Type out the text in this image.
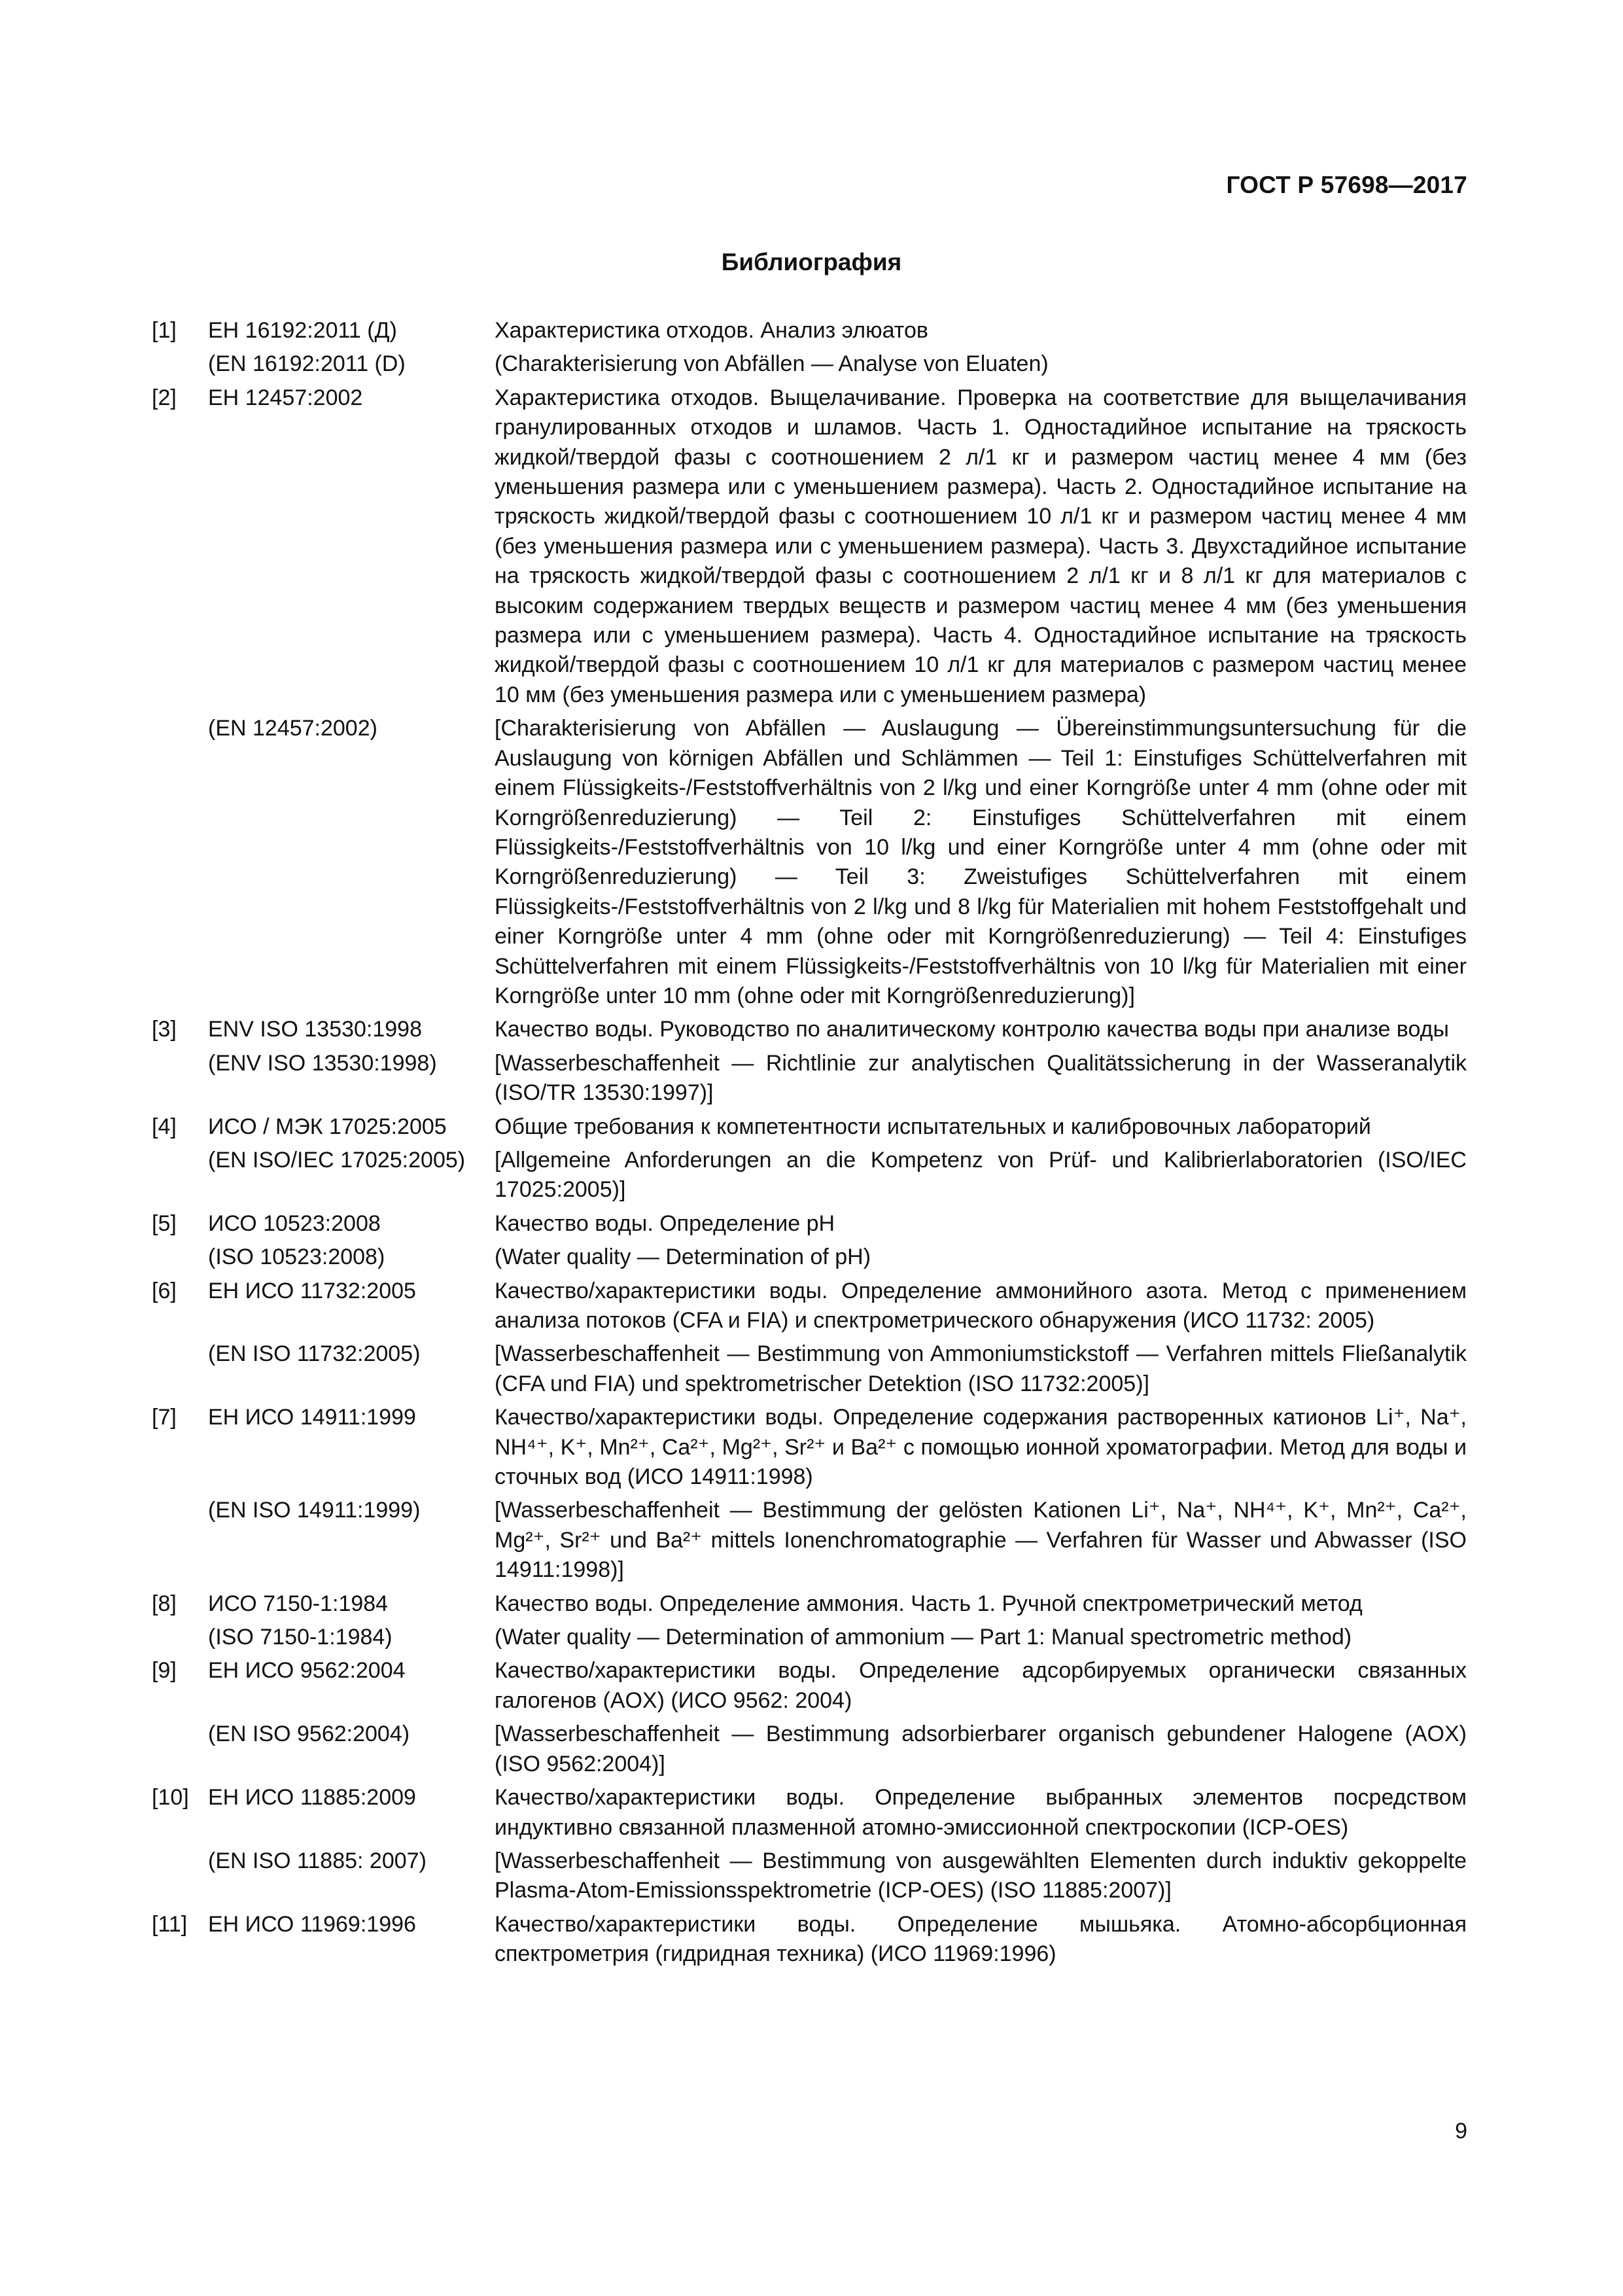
ГОСТ Р 57698—2017
Библиография
[1]	ЕН 16192:2011 (Д)	Характеристика отходов. Анализ элюатов
(EN 16192:2011 (D)	(Charakterisierung von Abfällen — Analyse von Eluaten)
[2]	ЕН 12457:2002	Характеристика отходов. Выщелачивание. Проверка на соответствие для выщелачивания гранулированных отходов и шламов. Часть 1. Одностадийное испытание на тряскость жидкой/твердой фазы с соотношением 2 л/1 кг и размером частиц менее 4 мм (без уменьшения размера или с уменьшением размера). Часть 2. Одностадийное испытание на тряскость жидкой/твердой фазы с соотношением 10 л/1 кг и размером частиц менее 4 мм (без уменьшения размера или с уменьшением размера). Часть 3. Двухстадийное испытание на тряскость жидкой/твердой фазы с соотношением 2 л/1 кг и 8 л/1 кг для материалов с высоким содержанием твердых веществ и размером частиц менее 4 мм (без уменьшения размера или с уменьшением размера). Часть 4. Одностадийное испытание на тряскость жидкой/твердой фазы с соотношением 10 л/1 кг для материалов с размером частиц менее 10 мм (без уменьшения размера или с уменьшением размера)
(EN 12457:2002)	[Charakterisierung von Abfällen — Auslaugung — Übereinstimmungsuntersuchung für die Auslaugung von körnigen Abfällen und Schlämmen — Teil 1: Einstufiges Schüttelverfahren mit einem Flüssigkeits-/Feststoffverhältnis von 2 l/kg und einer Korngröße unter 4 mm (ohne oder mit Korngrößenreduzierung) — Teil 2: Einstufiges Schüttelverfahren mit einem Flüssigkeits-/Feststoffverhältnis von 10 l/kg und einer Korngröße unter 4 mm (ohne oder mit Korngrößenreduzierung) — Teil 3: Zweistufiges Schüttelverfahren mit einem Flüssigkeits-/Feststoffverhältnis von 2 l/kg und 8 l/kg für Materialien mit hohem Feststoffgehalt und einer Korngröße unter 4 mm (ohne oder mit Korngrößenreduzierung) — Teil 4: Einstufiges Schüttelverfahren mit einem Flüssigkeits-/Feststoffverhältnis von 10 l/kg für Materialien mit einer Korngröße unter 10 mm (ohne oder mit Korngrößenreduzierung)]
[3]	ENV ISO 13530:1998	Качество воды. Руководство по аналитическому контролю качества воды при анализе воды
(ENV ISO 13530:1998)	[Wasserbeschaffenheit — Richtlinie zur analytischen Qualitätssicherung in der Wasseranalytik (ISO/TR 13530:1997)]
[4]	ИСО / МЭК 17025:2005	Общие требования к компетентности испытательных и калибровочных лабораторий
(EN ISO/IEC 17025:2005)	[Allgemeine Anforderungen an die Kompetenz von Prüf- und Kalibrierlaboratorien (ISO/IEC 17025:2005)]
[5]	ИСО 10523:2008	Качество воды. Определение pH
(ISO 10523:2008)	(Water quality — Determination of pH)
[6]	ЕН ИСО 11732:2005	Качество/характеристики воды. Определение аммонийного азота. Метод с применением анализа потоков (CFA и FIA) и спектрометрического обнаружения (ИСО 11732: 2005)
(EN ISO 11732:2005)	[Wasserbeschaffenheit — Bestimmung von Ammoniumstickstoff — Verfahren mittels Fließanalytik (CFA und FIA) und spektrometrischer Detektion (ISO 11732:2005)]
[7]	ЕН ИСО 14911:1999	Качество/характеристики воды. Определение содержания растворенных катионов Li⁺, Na⁺, NH⁴⁺, K⁺, Mn²⁺, Ca²⁺, Mg²⁺, Sr²⁺ и Ba²⁺ с помощью ионной хроматографии. Метод для воды и сточных вод (ИСО 14911:1998)
(EN ISO 14911:1999)	[Wasserbeschaffenheit — Bestimmung der gelösten Kationen Li⁺, Na⁺, NH⁴⁺, K⁺, Mn²⁺, Ca²⁺, Mg²⁺, Sr²⁺ und Ba²⁺ mittels Ionenchromatographie — Verfahren für Wasser und Abwasser (ISO 14911:1998)]
[8]	ИСО 7150-1:1984	Качество воды. Определение аммония. Часть 1. Ручной спектрометрический метод
(ISO 7150-1:1984)	(Water quality — Determination of ammonium — Part 1: Manual spectrometric method)
[9]	ЕН ИСО 9562:2004	Качество/характеристики воды. Определение адсорбируемых органически связанных галогенов (AOX) (ИСО 9562: 2004)
(EN ISO 9562:2004)	[Wasserbeschaffenheit — Bestimmung adsorbierbarer organisch gebundener Halogene (AOX) (ISO 9562:2004)]
[10] ЕН ИСО 11885:2009	Качество/характеристики воды. Определение выбранных элементов посредством индуктивно связанной плазменной атомно-эмиссионной спектроскопии (ICP-OES)
(EN ISO 11885: 2007)	[Wasserbeschaffenheit — Bestimmung von ausgewählten Elementen durch induktiv gekoppelte Plasma-Atom-Emissionsspektrometrie (ICP-OES) (ISO 11885:2007)]
[11] ЕН ИСО 11969:1996	Качество/характеристики воды. Определение мышьяка. Атомно-абсорбционная спектрометрия (гидридная техника) (ИСО 11969:1996)
9
